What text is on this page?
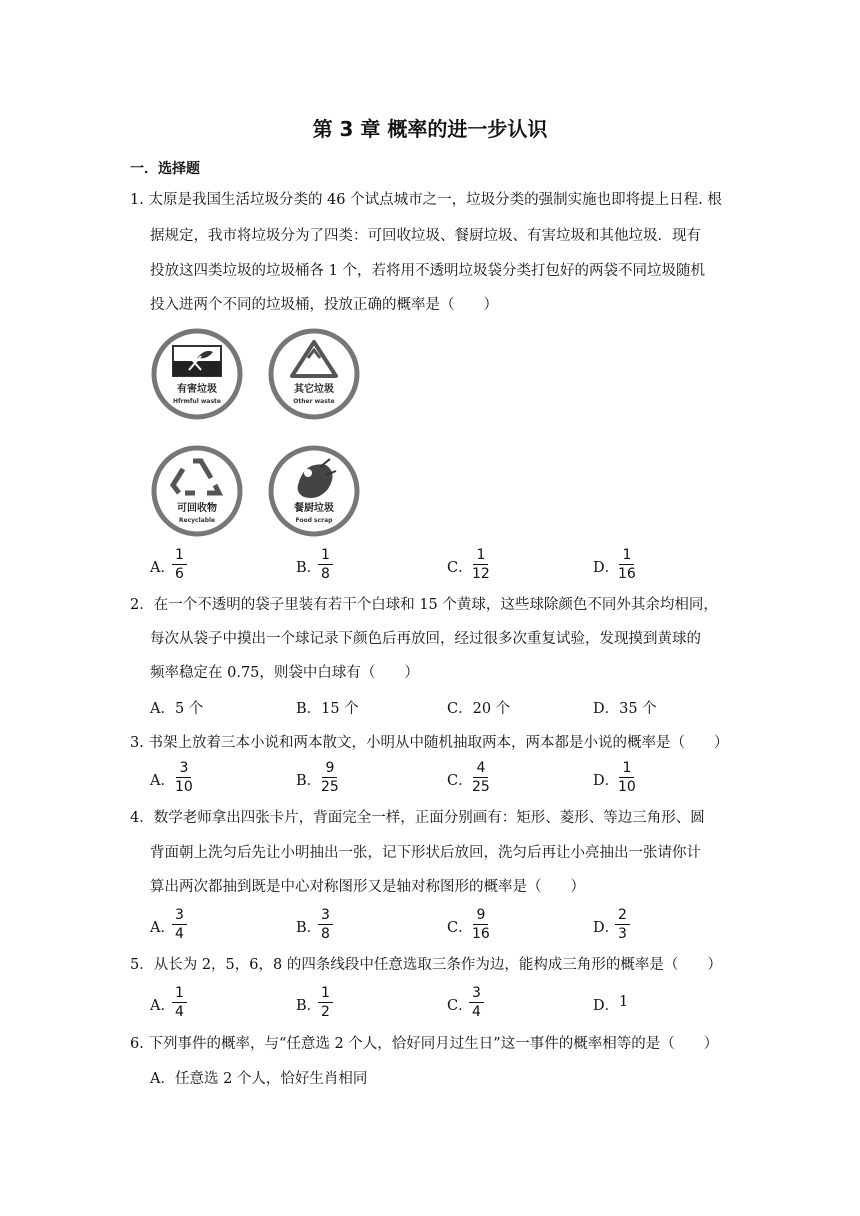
第 3 章 概率的进一步认识
一．选择题
1. 太原是我国生活垃圾分类的 46 个试点城市之一，垃圾分类的强制实施也即将提上日程. 根
据规定，我市将垃圾分为了四类：可回收垃圾、餐厨垃圾、有害垃圾和其他垃圾．现有
投放这四类垃圾的垃圾桶各 1 个，若将用不透明垃圾袋分类打包好的两袋不同垃圾随机
投入进两个不同的垃圾桶，投放正确的概率是（　　）
有害垃圾
Hfrmful waste
其它垃圾
Other waste
可回收物
Recyclable
餐厨垃圾
Food scrap
A．
$\frac{1}{6}$	B．
$\frac{1}{8}$	C．
$\frac{1}{12}$	D．
$\frac{1}{16}$
2．在一个不透明的袋子里装有若干个白球和 15 个黄球，这些球除颜色不同外其余均相同，
每次从袋子中摸出一个球记录下颜色后再放回，经过很多次重复试验，发现摸到黄球的
频率稳定在 0.75，则袋中白球有（　　）
A．5 个	B．15 个	C．20 个	D．35 个
3. 书架上放着三本小说和两本散文，小明从中随机抽取两本，两本都是小说的概率是（　　）
A．
$\frac{3}{10}$	B．
$\frac{9}{25}$	C．
$\frac{4}{25}$	D．
$\frac{1}{10}$
4．数学老师拿出四张卡片，背面完全一样，正面分别画有：矩形、菱形、等边三角形、圆
背面朝上洗匀后先让小明抽出一张，记下形状后放回，洗匀后再让小亮抽出一张请你计
算出两次都抽到既是中心对称图形又是轴对称图形的概率是（　　）
A．
$\frac{3}{4}$	B．
$\frac{3}{8}$	C．
$\frac{9}{16}$	D．
$\frac{2}{3}$
5．从长为 2，5，6，8 的四条线段中任意选取三条作为边，能构成三角形的概率是（　　）
A．
$\frac{1}{4}$	B．
$\frac{1}{2}$	C．
$\frac{3}{4}$	D． 1
6. 下列事件的概率，与“任意选 2 个人，恰好同月过生日”这一事件的概率相等的是（　　）
A．任意选 2 个人，恰好生肖相同
